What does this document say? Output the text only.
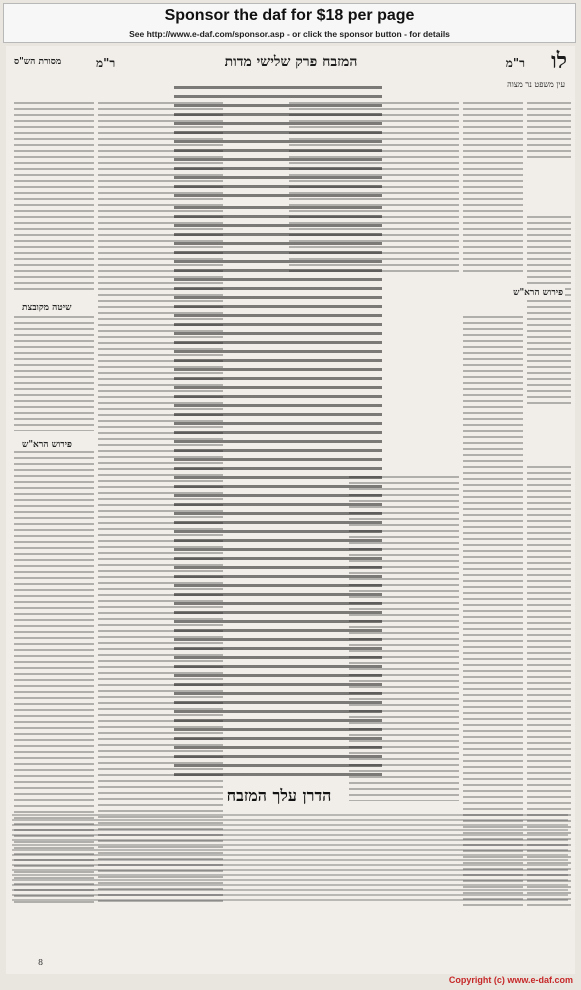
Sponsor the daf for $18 per page
See http://www.e-daf.com/sponsor.asp - or click the sponsor button - for details
לו
ר"מ
המזבח פרק שלישי מדות
ר"מ
מסורת הש"ס
עין משפט נר מצוה
שיטה מקובצת
פירוש הרא"ש
פירוש הרא"ש
הדרן עלך המזבח
8
Copyright (c) www.e-daf.com
